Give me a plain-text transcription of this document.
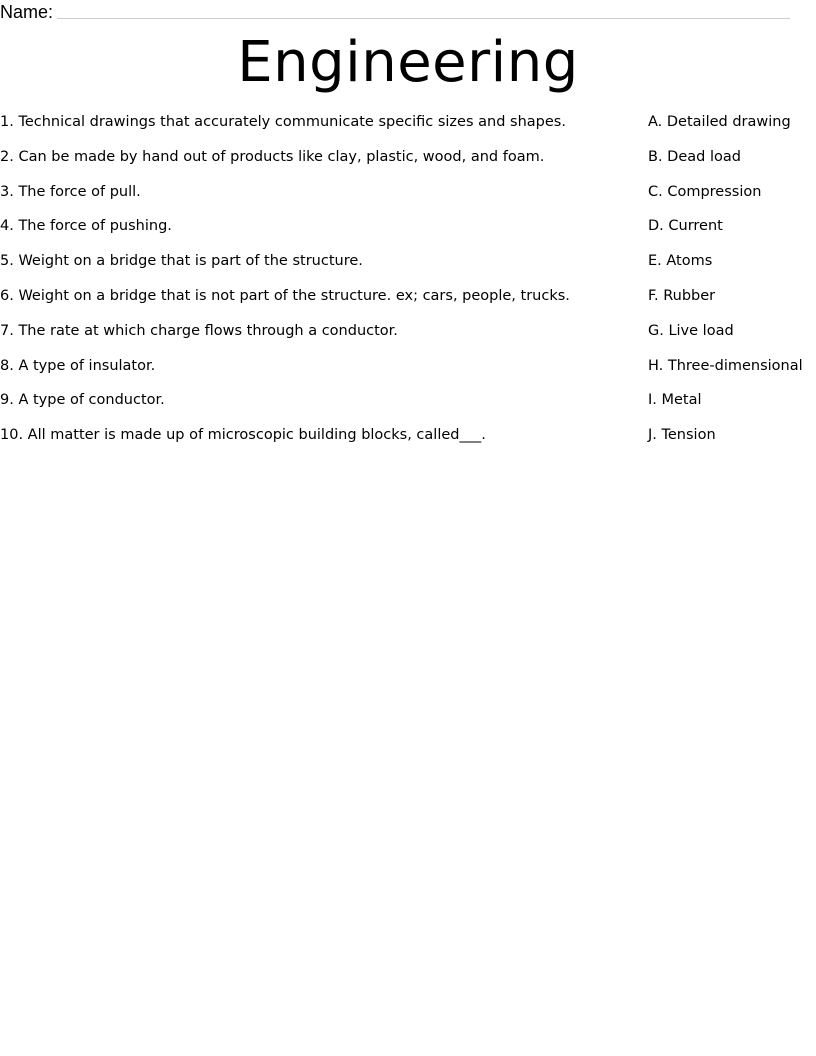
Name:
Engineering
1. Technical drawings that accurately communicate specific sizes and shapes.	A. Detailed drawing
2. Can be made by hand out of products like clay, plastic, wood, and foam.	B. Dead load
3. The force of pull.	C. Compression
4. The force of pushing.	D. Current
5. Weight on a bridge that is part of the structure.	E. Atoms
6. Weight on a bridge that is not part of the structure. ex; cars, people, trucks.	F. Rubber
7. The rate at which charge flows through a conductor.	G. Live load
8. A type of insulator.	H. Three-dimensional
9. A type of conductor.	I. Metal
10. All matter is made up of microscopic building blocks, called___.	J. Tension
